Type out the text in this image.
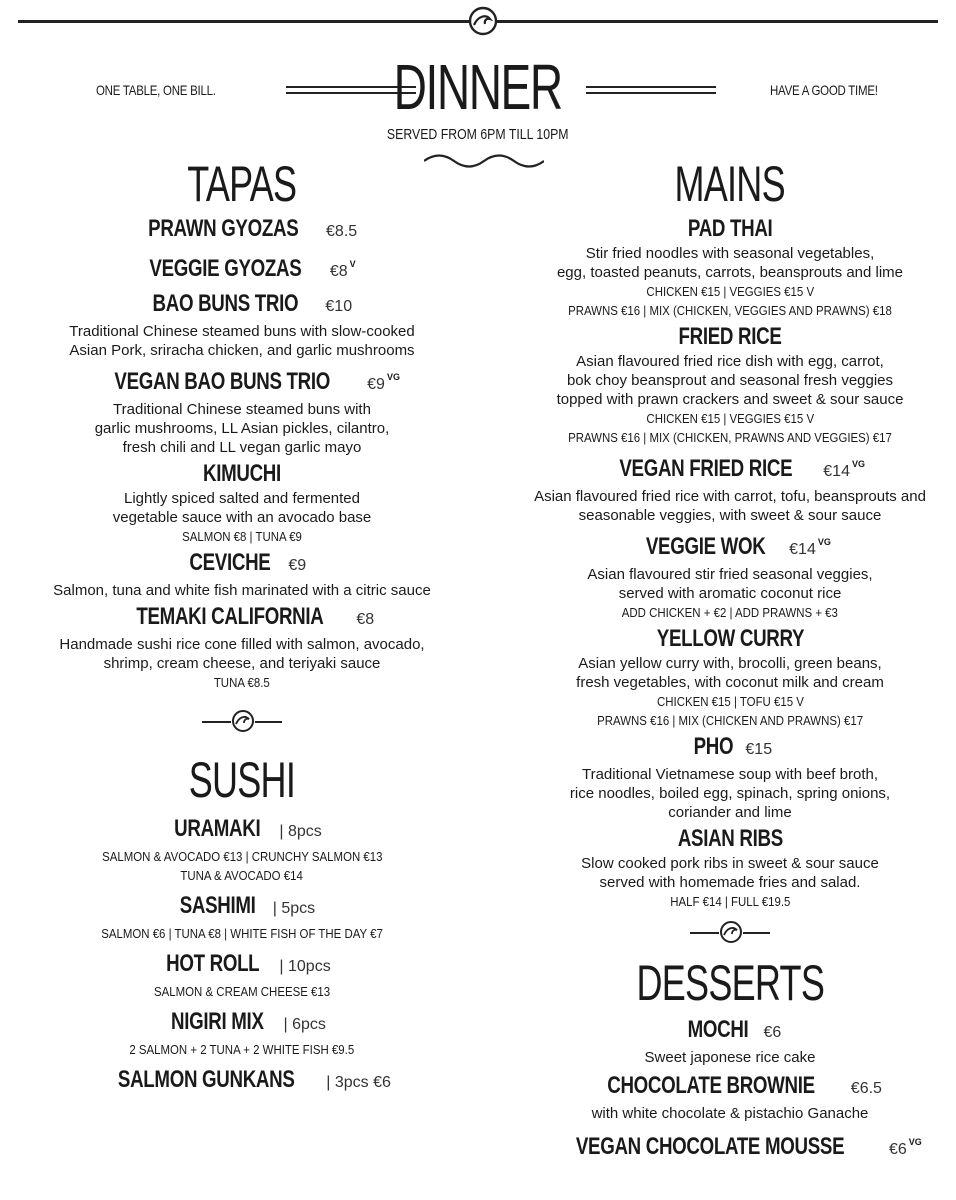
ONE TABLE, ONE BILL.	DINNER	HAVE A GOOD TIME!
SERVED FROM 6PM TILL 10PM
TAPAS
PRAWN GYOZAS €8.5
VEGGIE GYOZAS €8 $^V$
BAO BUNS TRIO €10
Traditional Chinese steamed buns with slow-cooked
Asian Pork, sriracha chicken, and garlic mushrooms
VEGAN BAO BUNS TRIO €9 $^{VG}$
Traditional Chinese steamed buns with
garlic mushrooms, LL Asian pickles, cilantro,
fresh chili and LL vegan garlic mayo
KIMUCHI
Lightly spiced salted and fermented
vegetable sauce with an avocado base
SALMON €8 | TUNA €9
CEVICHE €9
Salmon, tuna and white fish marinated with a citric sauce
TEMAKI CALIFORNIA €8
Handmade sushi rice cone filled with salmon, avocado,
shrimp, cream cheese, and teriyaki sauce
TUNA €8.5
SUSHI
URAMAKI | 8pcs
SALMON & AVOCADO €13 | CRUNCHY SALMON €13
TUNA & AVOCADO €14
SASHIMI | 5pcs
SALMON €6 | TUNA €8 | WHITE FISH OF THE DAY €7
HOT ROLL | 10pcs
SALMON & CREAM CHEESE €13
NIGIRI MIX | 6pcs
2 SALMON + 2 TUNA + 2 WHITE FISH €9.5
SALMON GUNKANS | 3pcs €6
MAINS
PAD THAI
Stir fried noodles with seasonal vegetables,
egg, toasted peanuts, carrots, beansprouts and lime
CHICKEN €15 | VEGGIES €15 V
PRAWNS €16 | MIX (CHICKEN, VEGGIES AND PRAWNS) €18
FRIED RICE
Asian flavoured fried rice dish with egg, carrot,
bok choy beansprout and seasonal fresh veggies
topped with prawn crackers and sweet & sour sauce
CHICKEN €15 | VEGGIES €15 V
PRAWNS €16 | MIX (CHICKEN, PRAWNS AND VEGGIES) €17
VEGAN FRIED RICE €14 $^{VG}$
Asian flavoured fried rice with carrot, tofu, beansprouts and
seasonable veggies, with sweet & sour sauce
VEGGIE WOK €14 $^{VG}$
Asian flavoured stir fried seasonal veggies,
served with aromatic coconut rice
ADD CHICKEN + €2 | ADD PRAWNS + €3
YELLOW CURRY
Asian yellow curry with, brocolli, green beans,
fresh vegetables, with coconut milk and cream
CHICKEN €15 | TOFU €15 V
PRAWNS €16 | MIX (CHICKEN AND PRAWNS) €17
PHO €15
Traditional Vietnamese soup with beef broth,
rice noodles, boiled egg, spinach, spring onions,
coriander and lime
ASIAN RIBS
Slow cooked pork ribs in sweet & sour sauce
served with homemade fries and salad.
HALF €14 | FULL €19.5
DESSERTS
MOCHI €6
Sweet japonese rice cake
CHOCOLATE BROWNIE €6.5
with white chocolate & pistachio Ganache
VEGAN CHOCOLATE MOUSSE	€6 $^{VG}$
